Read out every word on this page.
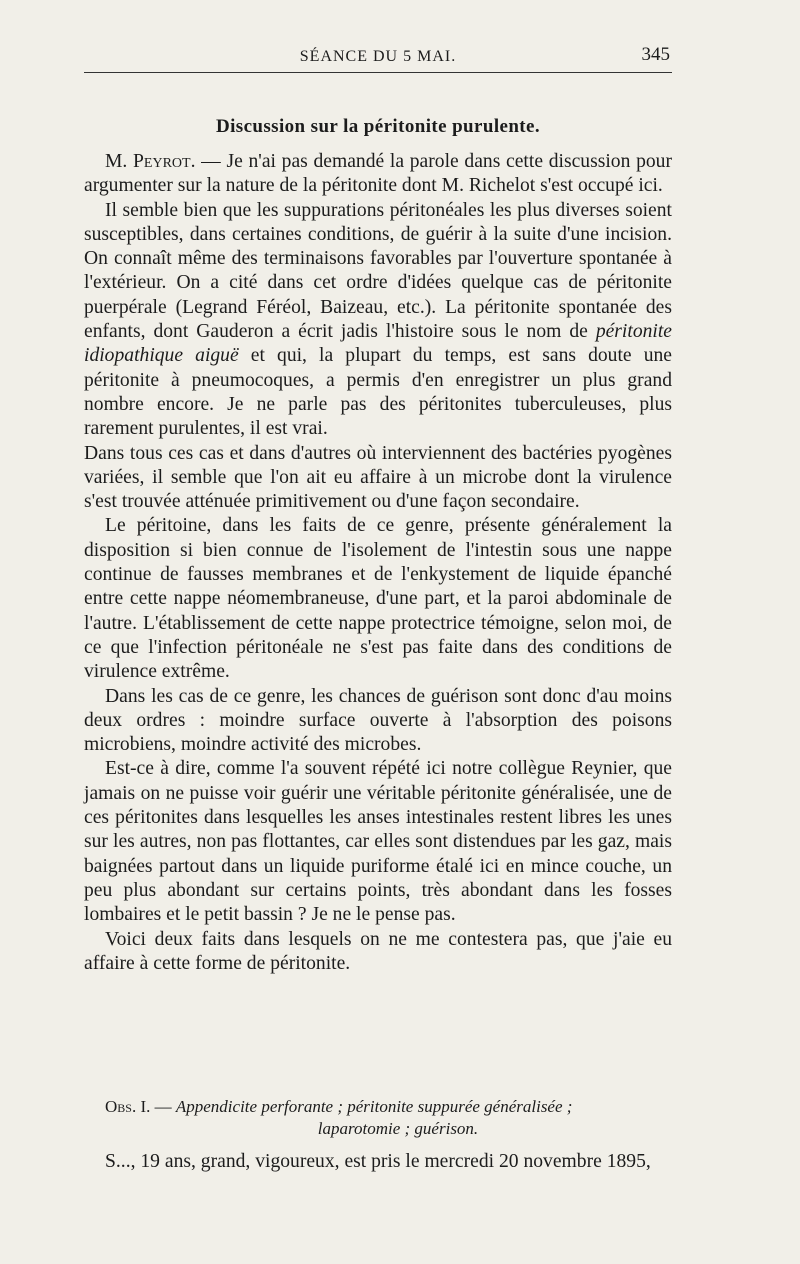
SÉANCE DU 5 MAI.	345
Discussion sur la péritonite purulente.

M. Peyrot. — Je n'ai pas demandé la parole dans cette discussion pour argumenter sur la nature de la péritonite dont M. Richelot s'est occupé ici.

Il semble bien que les suppurations péritonéales les plus diverses soient susceptibles, dans certaines conditions, de guérir à la suite d'une incision. On connaît même des terminaisons favorables par l'ouverture spontanée à l'extérieur. On a cité dans cet ordre d'idées quelque cas de péritonite puerpérale (Legrand Féréol, Baizeau, etc.). La péritonite spontanée des enfants, dont Gauderon a écrit jadis l'histoire sous le nom de péritonite idiopathique aiguë et qui, la plupart du temps, est sans doute une péritonite à pneumocoques, a permis d'en enregistrer un plus grand nombre encore. Je ne parle pas des péritonites tuberculeuses, plus rarement purulentes, il est vrai.

Dans tous ces cas et dans d'autres où interviennent des bactéries pyogènes variées, il semble que l'on ait eu affaire à un microbe dont la virulence s'est trouvée atténuée primitivement ou d'une façon secondaire.

Le péritoine, dans les faits de ce genre, présente généralement la disposition si bien connue de l'isolement de l'intestin sous une nappe continue de fausses membranes et de l'enkystement de liquide épanché entre cette nappe néomembraneuse, d'une part, et la paroi abdominale de l'autre. L'établissement de cette nappe protectrice témoigne, selon moi, de ce que l'infection péritonéale ne s'est pas faite dans des conditions de virulence extrême.

Dans les cas de ce genre, les chances de guérison sont donc d'au moins deux ordres : moindre surface ouverte à l'absorption des poisons microbiens, moindre activité des microbes.

Est-ce à dire, comme l'a souvent répété ici notre collègue Reynier, que jamais on ne puisse voir guérir une véritable péritonite généralisée, une de ces péritonites dans lesquelles les anses intestinales restent libres les unes sur les autres, non pas flottantes, car elles sont distendues par les gaz, mais baignées partout dans un liquide puriforme étalé ici en mince couche, un peu plus abondant sur certains points, très abondant dans les fosses lombaires et le petit bassin ? Je ne le pense pas.

Voici deux faits dans lesquels on ne me contestera pas, que j'aie eu affaire à cette forme de péritonite.

Obs. I. — Appendicite perforante ; péritonite suppurée généralisée ;
laparotomie ; guérison.
S..., 19 ans, grand, vigoureux, est pris le mercredi 20 novembre 1895,
